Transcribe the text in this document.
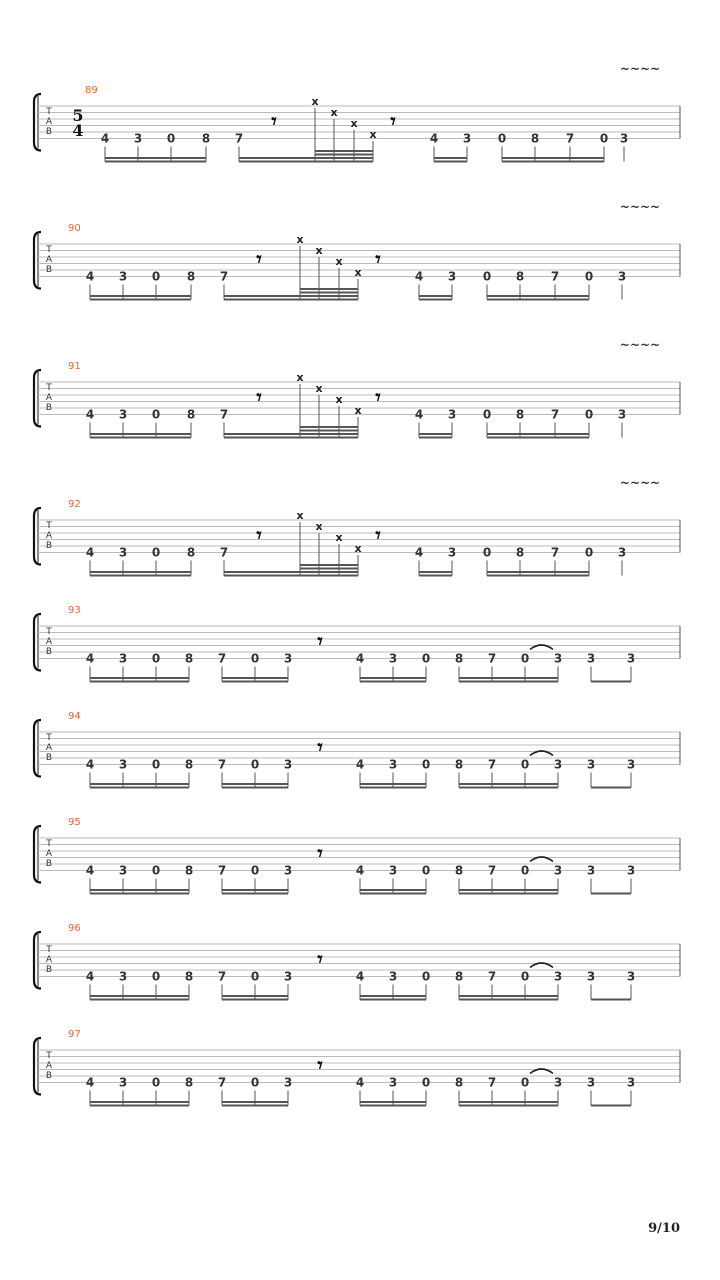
T
A
B
89
5
4
~~~~
4 3 0 8 7	4 3 0 8 7 0 3
x
x
x
x
𝄾	𝄾
T
A
B
90
~~~~
4 3 0 8 7	4 3 0 8 7 0 3
x
x
x
x
𝄾	𝄾
T
A
B
91
~~~~
4 3 0 8 7	4 3 0 8 7 0 3
x
x
x
x
𝄾	𝄾
T
A
B
92
~~~~
4 3 0 8 7	4 3 0 8 7 0 3
x
x
x
x
𝄾	𝄾
T
A
B
93
4 3 0 8 7 0 3	4 3 0 8 7 0 3 3	3
𝄾
T
A
B
94
4 3 0 8 7 0 3	4 3 0 8 7 0 3 3	3
𝄾
T
A
B
95
4 3 0 8 7 0 3	4 3 0 8 7 0 3 3	3
𝄾
T
A
B
96
4 3 0 8 7 0 3	4 3 0 8 7 0 3 3	3
𝄾
T
A
B
97
4 3 0 8 7 0 3	4 3 0 8 7 0 3 3	3
𝄾
9/10
